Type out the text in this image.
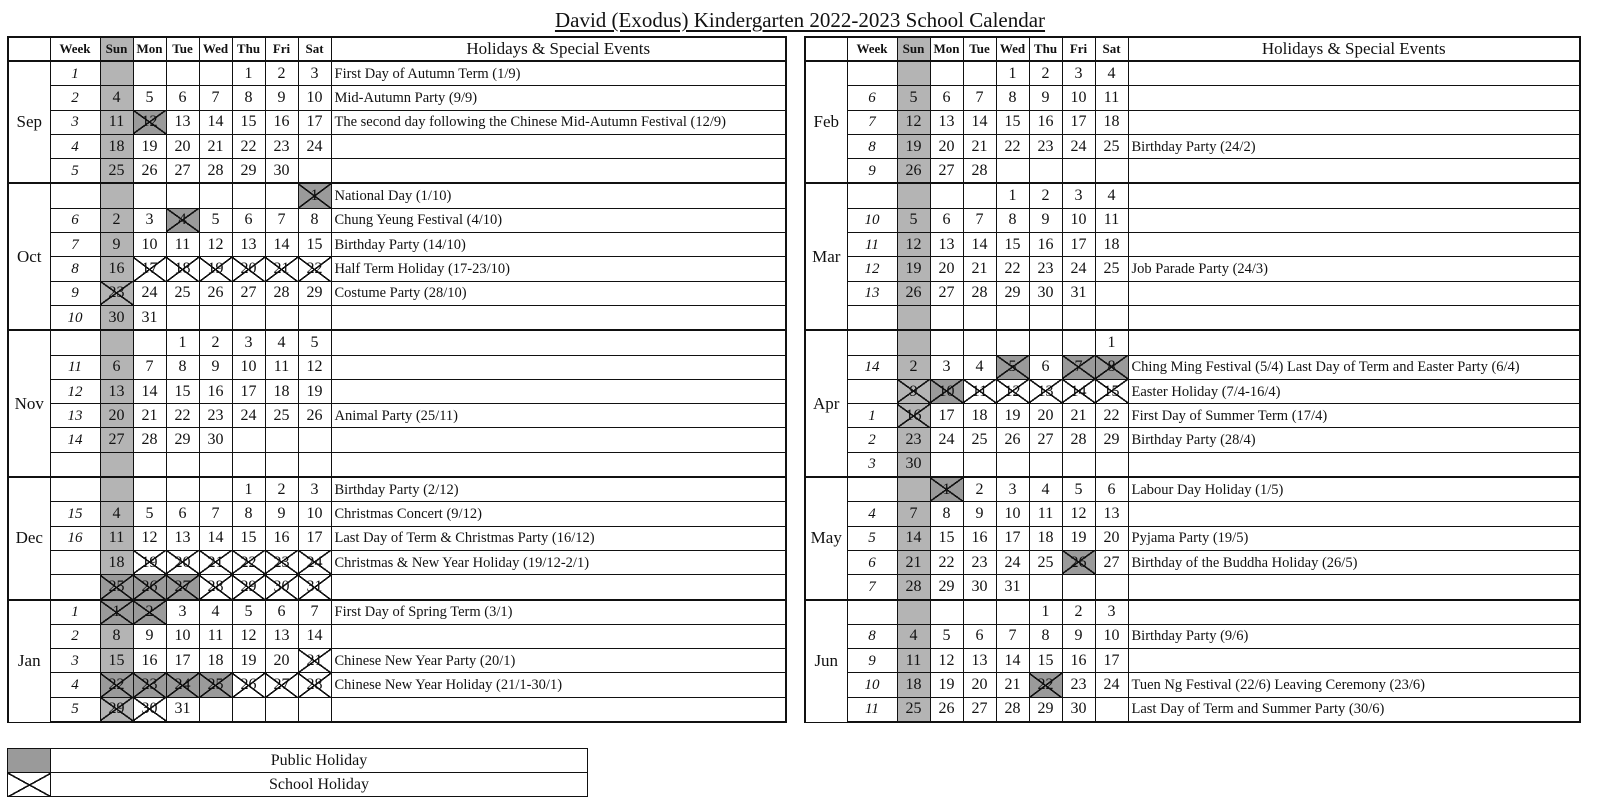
David (Exodus) Kindergarten 2022-2023 School Calendar
	Week	Sun	Mon	Tue	Wed	Thu	Fri	Sat	Holidays & Special Events
Sep	1					1	2	3	First Day of Autumn Term (1/9)
	2	4	5	6	7	8	9	10	Mid-Autumn Party (9/9)
	3	11	12	13	14	15	16	17	The second day following the Chinese Mid-Autumn Festival (12/9)
	4	18	19	20	21	22	23	24	
	5	25	26	27	28	29	30		
Oct								1	National Day (1/10)
	6	2	3	4	5	6	7	8	Chung Yeung Festival (4/10)
	7	9	10	11	12	13	14	15	Birthday Party (14/10)
	8	16	17	18	19	20	21	22	Half Term Holiday (17-23/10)
	9	23	24	25	26	27	28	29	Costume Party (28/10)
	10	30	31						
Nov				1	2	3	4	5	
	11	6	7	8	9	10	11	12	
	12	13	14	15	16	17	18	19	
	13	20	21	22	23	24	25	26	Animal Party (25/11)
	14	27	28	29	30				

Dec						1	2	3	Birthday Party (2/12)
	15	4	5	6	7	8	9	10	Christmas Concert (9/12)
	16	11	12	13	14	15	16	17	Last Day of Term & Christmas Party (16/12)
		18	19	20	21	22	23	24	Christmas & New Year Holiday (19/12-2/1)
		25	26	27	28	29	30	31	
Jan	1	1	2	3	4	5	6	7	First Day of Spring Term (3/1)
	2	8	9	10	11	12	13	14	
	3	15	16	17	18	19	20	21	Chinese New Year Party (20/1)
	4	22	23	24	25	26	27	28	Chinese New Year Holiday (21/1-30/1)
	5	29	30	31					
	Week	Sun	Mon	Tue	Wed	Thu	Fri	Sat	Holidays & Special Events
Feb					1	2	3	4	
	6	5	6	7	8	9	10	11	
	7	12	13	14	15	16	17	18	
	8	19	20	21	22	23	24	25	Birthday Party (24/2)
	9	26	27	28					
Mar					1	2	3	4	
	10	5	6	7	8	9	10	11	
	11	12	13	14	15	16	17	18	
	12	19	20	21	22	23	24	25	Job Parade Party (24/3)
	13	26	27	28	29	30	31		

Apr								1	
	14	2	3	4	5	6	7	8	Ching Ming Festival (5/4) Last Day of Term and Easter Party (6/4)
		9	10	11	12	13	14	15	Easter Holiday (7/4-16/4)
	1	16	17	18	19	20	21	22	First Day of Summer Term (17/4)
	2	23	24	25	26	27	28	29	Birthday Party (28/4)
	3	30							
May			1	2	3	4	5	6	Labour Day Holiday (1/5)
	4	7	8	9	10	11	12	13	
	5	14	15	16	17	18	19	20	Pyjama Party (19/5)
	6	21	22	23	24	25	26	27	Birthday of the Buddha Holiday (26/5)
	7	28	29	30	31				
Jun						1	2	3	
	8	4	5	6	7	8	9	10	Birthday Party (9/6)
	9	11	12	13	14	15	16	17	
	10	18	19	20	21	22	23	24	Tuen Ng Festival (22/6) Leaving Ceremony (23/6)
	11	25	26	27	28	29	30		Last Day of Term and Summer Party (30/6)
	Public Holiday
	School Holiday
